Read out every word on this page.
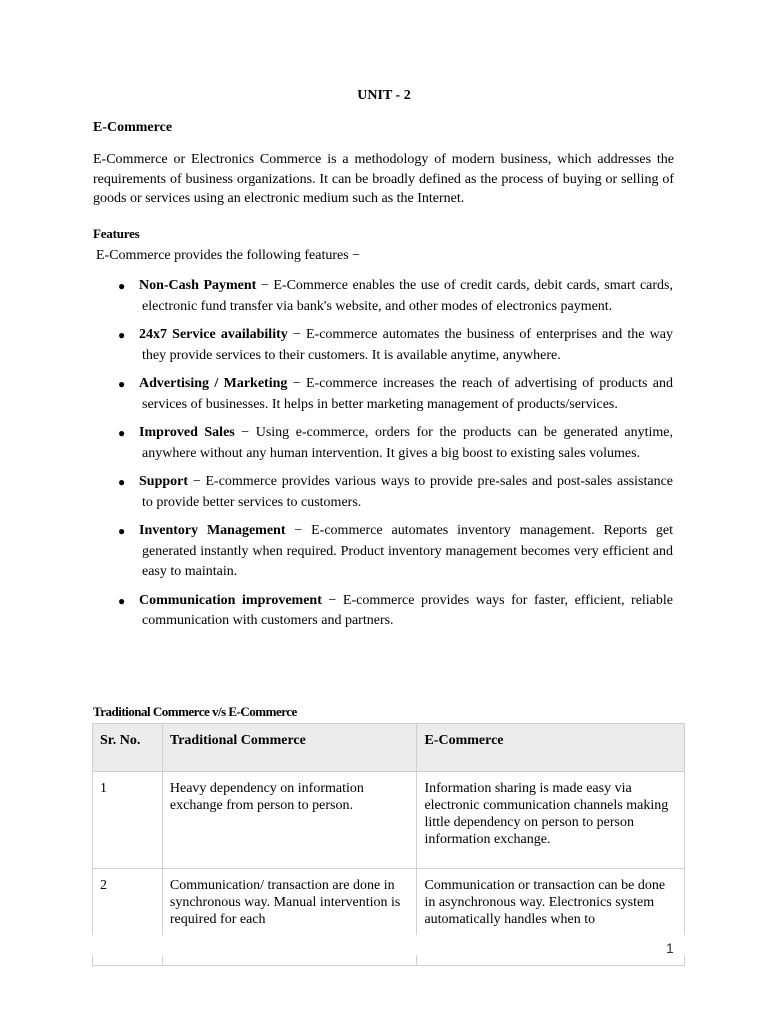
UNIT - 2
E-Commerce
E-Commerce or Electronics Commerce is a methodology of modern business, which addresses the requirements of business organizations. It can be broadly defined as the process of buying or selling of goods or services using an electronic medium such as the Internet.
Features
E-Commerce provides the following features −
● Non-Cash Payment − E-Commerce enables the use of credit cards, debit cards, smart cards, electronic fund transfer via bank's website, and other modes of electronics payment.
● 24x7 Service availability − E-commerce automates the business of enterprises and the way they provide services to their customers. It is available anytime, anywhere.
● Advertising / Marketing − E-commerce increases the reach of advertising of products and services of businesses. It helps in better marketing management of products/services.
● Improved Sales − Using e-commerce, orders for the products can be generated anytime, anywhere without any human intervention. It gives a big boost to existing sales volumes.
● Support − E-commerce provides various ways to provide pre-sales and post-sales assistance to provide better services to customers.
● Inventory Management − E-commerce automates inventory management. Reports get generated instantly when required. Product inventory management becomes very efficient and easy to maintain.
● Communication improvement − E-commerce provides ways for faster, efficient, reliable communication with customers and partners.
Traditional Commerce v/s E-Commerce
Sr. No.	Traditional Commerce	E-Commerce
1	Heavy dependency on information exchange from person to person.	Information sharing is made easy via electronic communication channels making little dependency on person to person information exchange.
2	Communication/ transaction are done in synchronous way. Manual intervention is required for each	Communication or transaction can be done in asynchronous way. Electronics system automatically handles when to
1
